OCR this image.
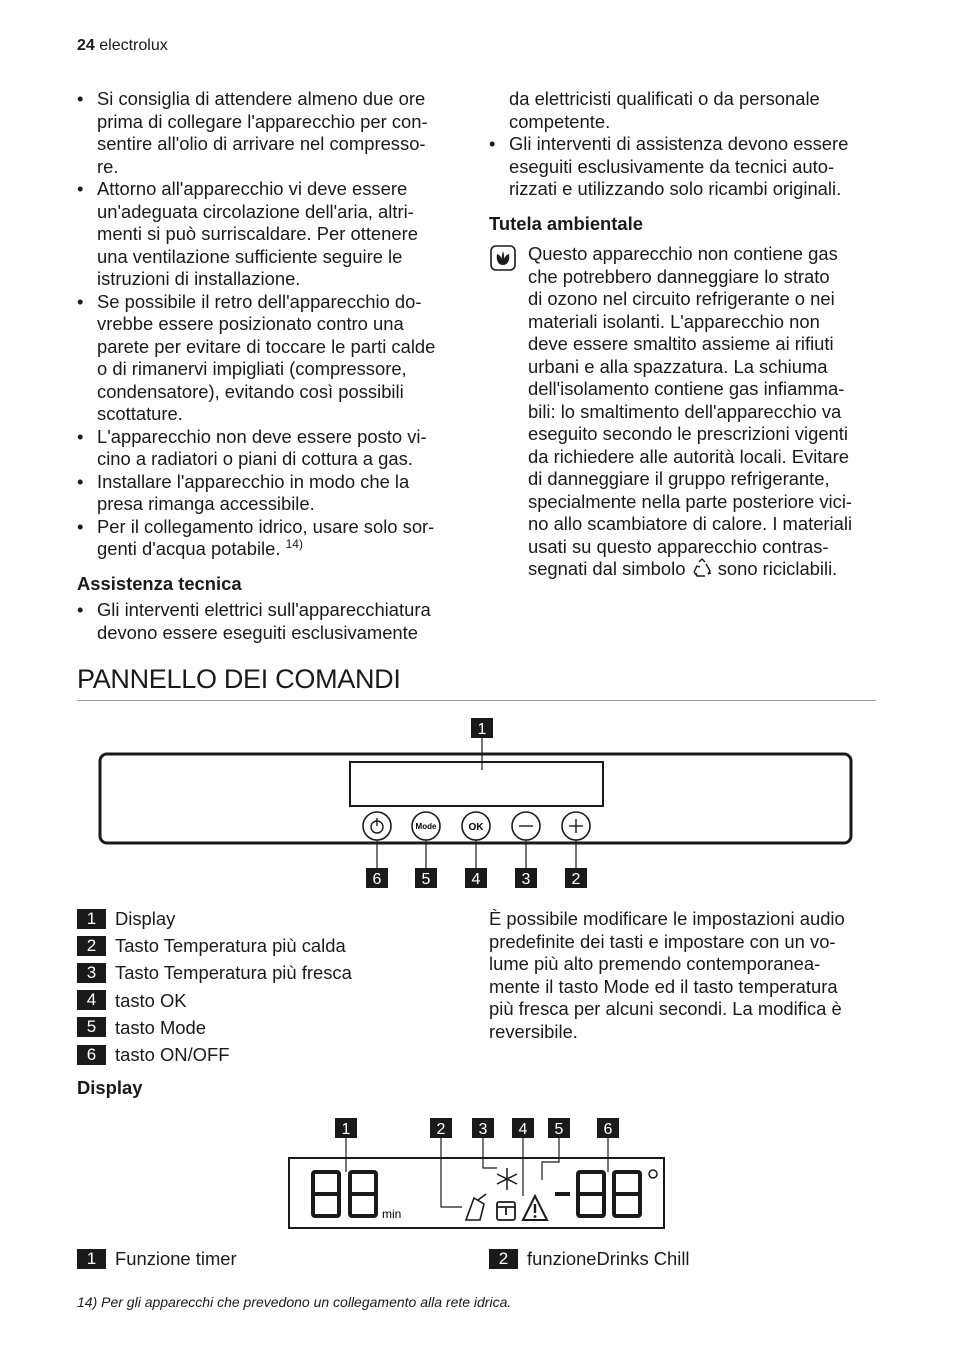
24 electrolux
• Si consiglia di attendere almeno due ore prima di collegare l'apparecchio per con-
sentire all'olio di arrivare nel compresso-
re.
• Attorno all'apparecchio vi deve essere
un'adeguata circolazione dell'aria, altri-
menti si può surriscaldare. Per ottenere
una ventilazione sufficiente seguire le
istruzioni di installazione.
• Se possibile il retro dell'apparecchio do-
vrebbe essere posizionato contro una
parete per evitare di toccare le parti calde
o di rimanervi impigliati (compressore,
condensatore), evitando così possibili
scottature.
• L'apparecchio non deve essere posto vi-
cino a radiatori o piani di cottura a gas.
• Installare l'apparecchio in modo che la
presa rimanga accessibile.
• Per il collegamento idrico, usare solo sor-
genti d'acqua potabile. $^{14)}$
Assistenza tecnica
• Gli interventi elettrici sull'apparecchiatura
devono essere eseguiti esclusivamente
da elettricisti qualificati o da personale
competente.
• Gli interventi di assistenza devono essere
eseguiti esclusivamente da tecnici auto-
rizzati e utilizzando solo ricambi originali.
Tutela ambientale
Questo apparecchio non contiene gas
che potrebbero danneggiare lo strato
di ozono nel circuito refrigerante o nei
materiali isolanti. L'apparecchio non
deve essere smaltito assieme ai rifiuti
urbani e alla spazzatura. La schiuma
dell'isolamento contiene gas infiamma-
bili: lo smaltimento dell'apparecchio va
eseguito secondo le prescrizioni vigenti
da richiedere alle autorità locali. Evitare
di danneggiare il gruppo refrigerante,
specialmente nella parte posteriore vici-
no allo scambiatore di calore. I materiali
usati su questo apparecchio contras-
segnati dal simbolo sono riciclabili.
PANNELLO DEI COMANDI
1
Mode	OK
6	5	4	3	2
1	Display
2	Tasto Temperatura più calda
3	Tasto Temperatura più fresca
4	tasto OK
5	tasto Mode
6	tasto ON/OFF
È possibile modificare le impostazioni audio
predefinite dei tasti e impostare con un vo-
lume più alto premendo contemporanea-
mente il tasto Mode ed il tasto temperatura
più fresca per alcuni secondi. La modifica è
reversibile.
Display
1	2 3 4 5	6
min
1	Funzione timer	2	funzioneDrinks Chill
14) Per gli apparecchi che prevedono un collegamento alla rete idrica.
